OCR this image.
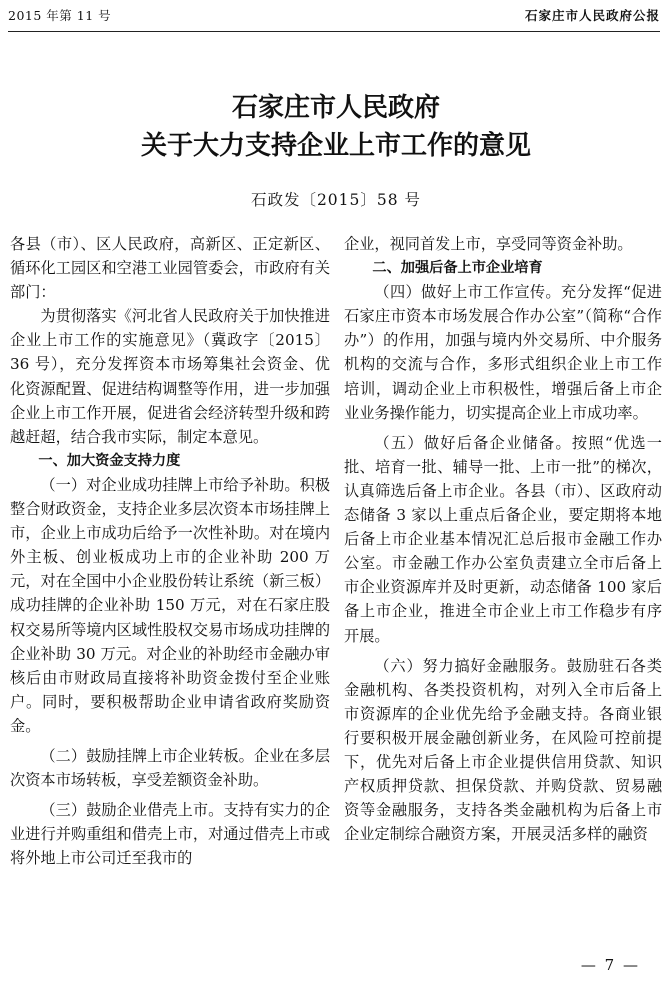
2015 年第 11 号	石家庄市人民政府公报
石家庄市人民政府
关于大力支持企业上市工作的意见
石政发〔2015〕58 号

各县（市）、区人民政府，高新区、正定新区、循环化工园区和空港工业园管委会，市政府有关部门：

为贯彻落实《河北省人民政府关于加快推进企业上市工作的实施意见》（冀政字〔2015〕36 号），充分发挥资本市场筹集社会资金、优化资源配置、促进结构调整等作用，进一步加强企业上市工作开展，促进省会经济转型升级和跨越赶超，结合我市实际，制定本意见。

一、加大资金支持力度

（一）对企业成功挂牌上市给予补助。积极整合财政资金，支持企业多层次资本市场挂牌上市，企业上市成功后给予一次性补助。对在境内外主板、创业板成功上市的企业补助 200 万元，对在全国中小企业股份转让系统（新三板）成功挂牌的企业补助 150 万元，对在石家庄股权交易所等境内区域性股权交易市场成功挂牌的企业补助 30 万元。对企业的补助经市金融办审核后由市财政局直接将补助资金拨付至企业账户。同时，要积极帮助企业申请省政府奖励资金。

（二）鼓励挂牌上市企业转板。企业在多层次资本市场转板，享受差额资金补助。

（三）鼓励企业借壳上市。支持有实力的企业进行并购重组和借壳上市，对通过借壳上市或将外地上市公司迁至我市的

企业，视同首发上市，享受同等资金补助。

二、加强后备上市企业培育

（四）做好上市工作宣传。充分发挥“促进石家庄市资本市场发展合作办公室”（简称“合作办”）的作用，加强与境内外交易所、中介服务机构的交流与合作，多形式组织企业上市工作培训，调动企业上市积极性，增强后备上市企业业务操作能力，切实提高企业上市成功率。

（五）做好后备企业储备。按照“优选一批、培育一批、辅导一批、上市一批”的梯次，认真筛选后备上市企业。各县（市）、区政府动态储备 3 家以上重点后备企业，要定期将本地后备上市企业基本情况汇总后报市金融工作办公室。市金融工作办公室负责建立全市后备上市企业资源库并及时更新，动态储备 100 家后备上市企业，推进全市企业上市工作稳步有序开展。

（六）努力搞好金融服务。鼓励驻石各类金融机构、各类投资机构，对列入全市后备上市资源库的企业优先给予金融支持。各商业银行要积极开展金融创新业务，在风险可控前提下，优先对后备上市企业提供信用贷款、知识产权质押贷款、担保贷款、并购贷款、贸易融资等金融服务，支持各类金融机构为后备上市企业定制综合融资方案，开展灵活多样的融资

— 7 —
